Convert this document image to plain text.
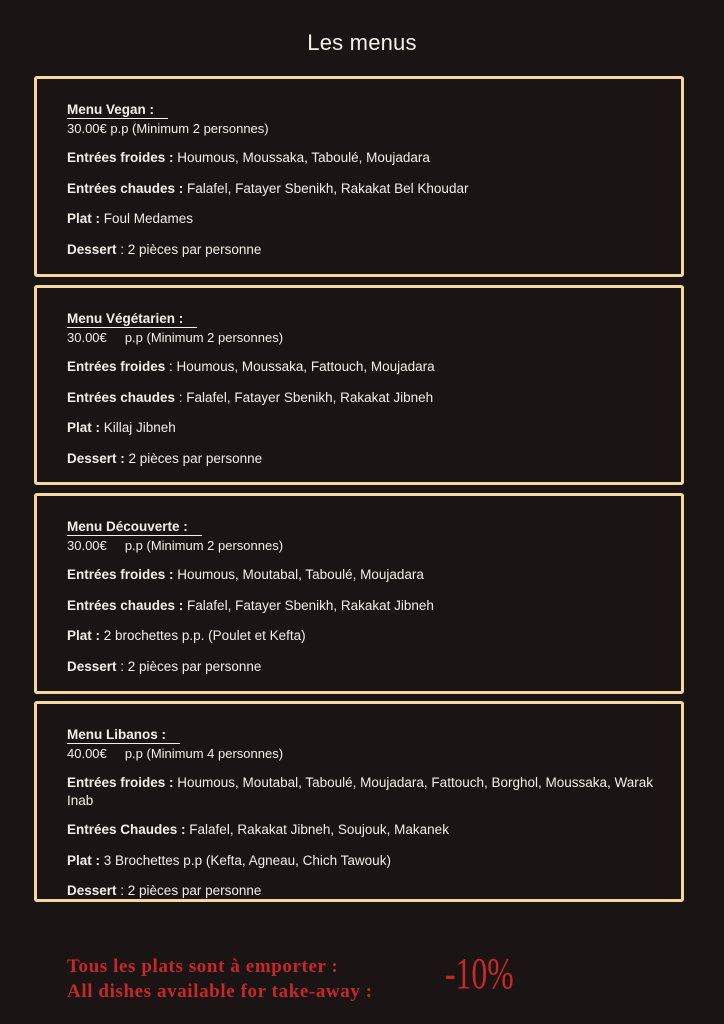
Les menus
Menu Vegan :
30.00€ p.p (Minimum 2 personnes)
Entrées froides : Houmous, Moussaka, Taboulé, Moujadara
Entrées chaudes : Falafel, Fatayer Sbenikh, Rakakat Bel Khoudar
Plat : Foul Medames
Dessert : 2 pièces par personne
Menu Végétarien :
30.00€     p.p (Minimum 2 personnes)
Entrées froides : Houmous, Moussaka, Fattouch, Moujadara
Entrées chaudes : Falafel, Fatayer Sbenikh, Rakakat Jibneh
Plat : Killaj Jibneh
Dessert : 2 pièces par personne
Menu Découverte :
30.00€     p.p (Minimum 2 personnes)
Entrées froides : Houmous, Moutabal, Taboulé, Moujadara
Entrées chaudes : Falafel, Fatayer Sbenikh, Rakakat Jibneh
Plat : 2 brochettes p.p. (Poulet et Kefta)
Dessert : 2 pièces par personne
Menu Libanos :
40.00€     p.p (Minimum 4 personnes)
Entrées froides : Houmous, Moutabal, Taboulé, Moujadara, Fattouch, Borghol, Moussaka, Warak Inab
Entrées Chaudes : Falafel, Rakakat Jibneh, Soujouk, Makanek
Plat : 3 Brochettes p.p (Kefta, Agneau, Chich Tawouk)
Dessert : 2 pièces par personne
Tous les plats sont à emporter :
All dishes available for take-away : -10%
